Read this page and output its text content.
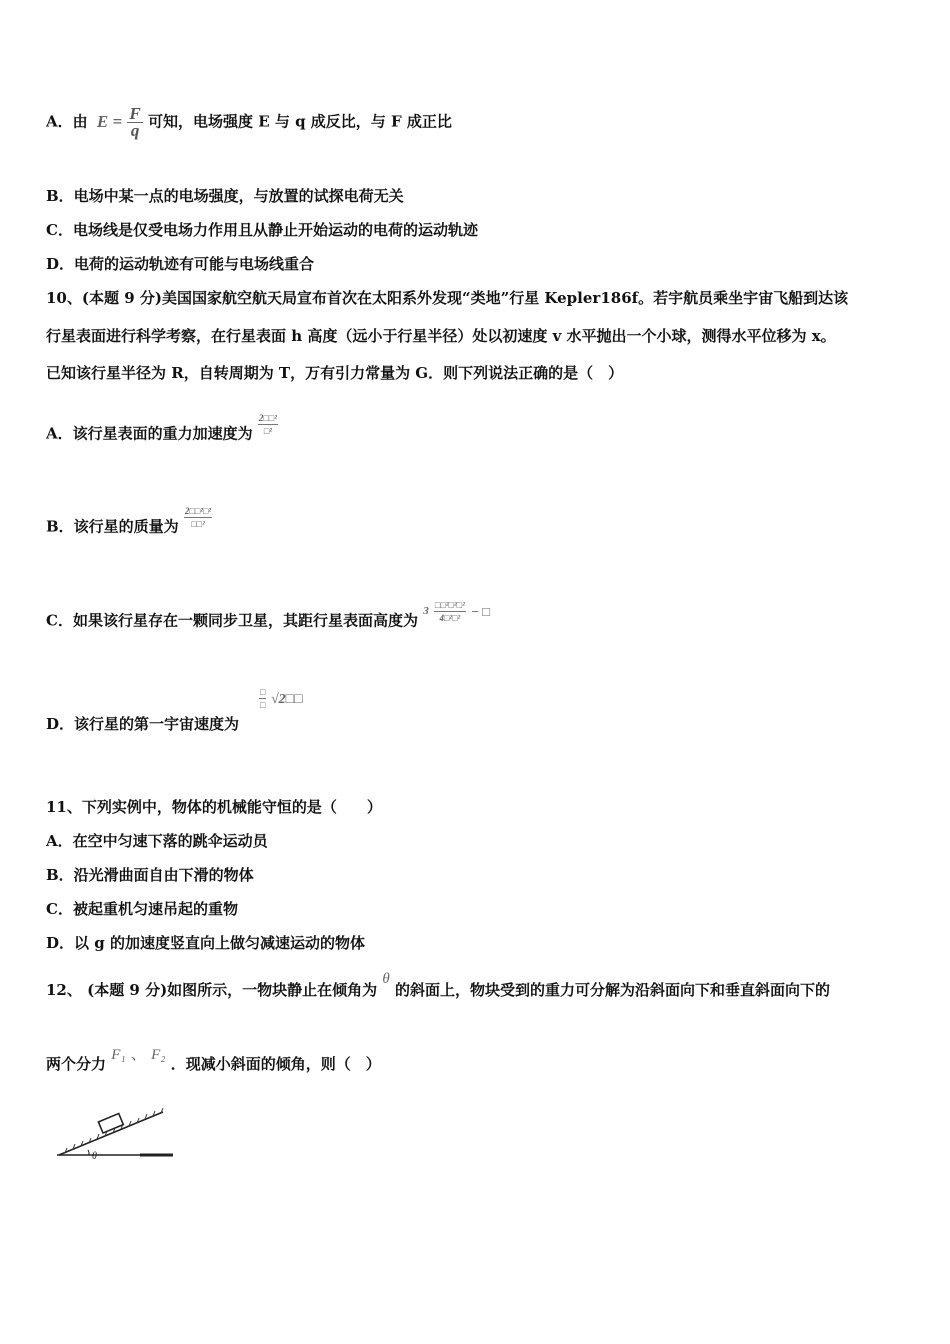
A．由 $E = \frac{F}{q}$ 可知，电场强度 E 与 q 成反比，与 F 成正比
B．电场中某一点的电场强度，与放置的试探电荷无关
C．电场线是仅受电场力作用且从静止开始运动的电荷的运动轨迹
D．电荷的运动轨迹有可能与电场线重合
10、(本题 9 分)美国国家航空航天局宣布首次在太阳系外发现“类地”行星 Kepler186f。若宇航员乘坐宇宙飞船到达该
行星表面进行科学考察，在行星表面 h 高度（远小于行星半径）处以初速度 v 水平抛出一个小球，测得水平位移为 x。
已知该行星半径为 R，自转周期为 T，万有引力常量为 G．则下列说法正确的是（　）
A．该行星表面的重力加速度为 $\frac{\text{2□□²}}{\text{□²}}$
B．该行星的质量为 $\frac{\text{2□□²□²}}{\text{□□²}}$
C．如果该行星存在一颗同步卫星，其距行星表面高度为 $^3 \frac{\text{□□²□²□²}}{\text{4□²□²}}$ − □
D．该行星的第一宇宙速度为
□
□ √2□□
11、下列实例中，物体的机械能守恒的是（　　）
A．在空中匀速下落的跳伞运动员
B．沿光滑曲面自由下滑的物体
C．被起重机匀速吊起的重物
D．以 g 的加速度竖直向上做匀减速运动的物体
12、 (本题 9 分)如图所示，一物块静止在倾角为 θ 的斜面上，物块受到的重力可分解为沿斜面向下和垂直斜面向下的
两个分力 F₁ 、 F₂ ．现减小斜面的倾角，则（　）
θ
